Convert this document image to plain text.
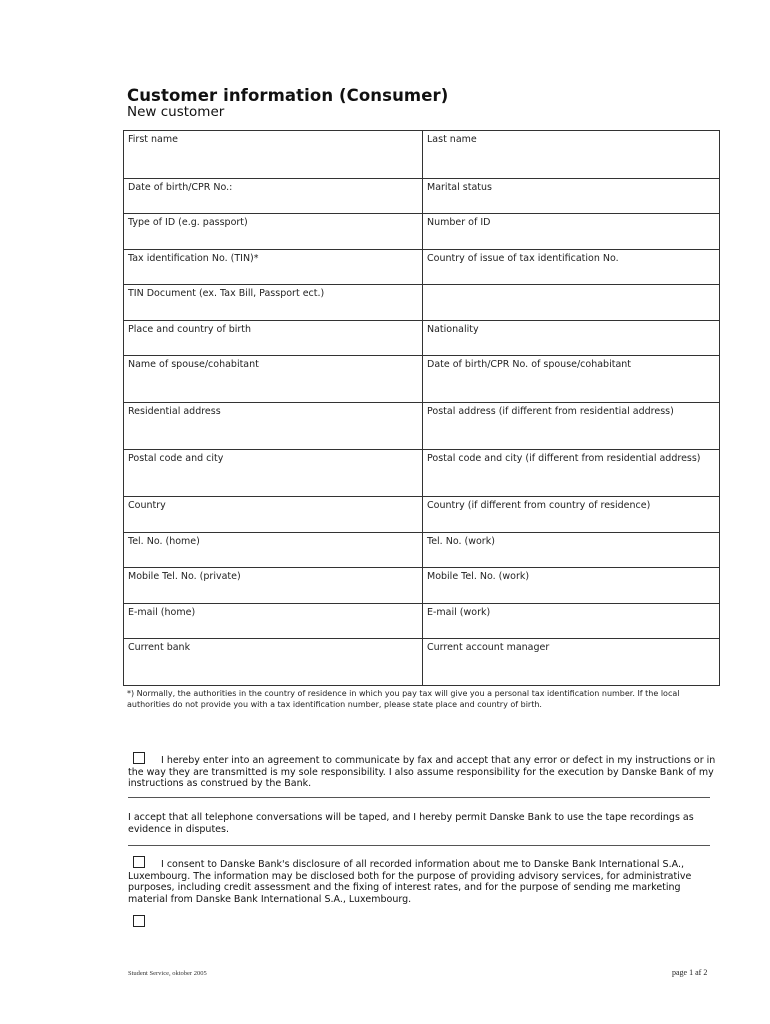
Customer information (Consumer)
New customer
First name	Last name
Date of birth/CPR No.:	Marital status
Type of ID (e.g. passport)	Number of ID
Tax identification No. (TIN)*	Country of issue of tax identification No.
TIN Document (ex. Tax Bill, Passport ect.)	
Place and country of birth	Nationality
Name of spouse/cohabitant	Date of birth/CPR No. of spouse/cohabitant
Residential address	Postal address (if different from residential address)
Postal code and city	Postal code and city (if different from residential address)
Country	Country (if different from country of residence)
Tel. No. (home)	Tel. No. (work)
Mobile Tel. No. (private)	Mobile Tel. No. (work)
E-mail (home)	E-mail (work)
Current bank	Current account manager
*) Normally, the authorities in the country of residence in which you pay tax will give you a personal tax identification number. If the local authorities do not provide you with a tax identification number, please state place and country of birth.
I hereby enter into an agreement to communicate by fax and accept that any error or defect in my instructions or in the way they are transmitted is my sole responsibility. I also assume responsibility for the execution by Danske Bank of my instructions as construed by the Bank.
I accept that all telephone conversations will be taped, and I hereby permit Danske Bank to use the tape recordings as evidence in disputes.
I consent to Danske Bank's disclosure of all recorded information about me to Danske Bank International S.A., Luxembourg. The information may be disclosed both for the purpose of providing advisory services, for administrative purposes, including credit assessment and the fixing of interest rates, and for the purpose of sending me marketing material from Danske Bank International S.A., Luxembourg.
Student Service, oktober 2005	page 1 af 2
